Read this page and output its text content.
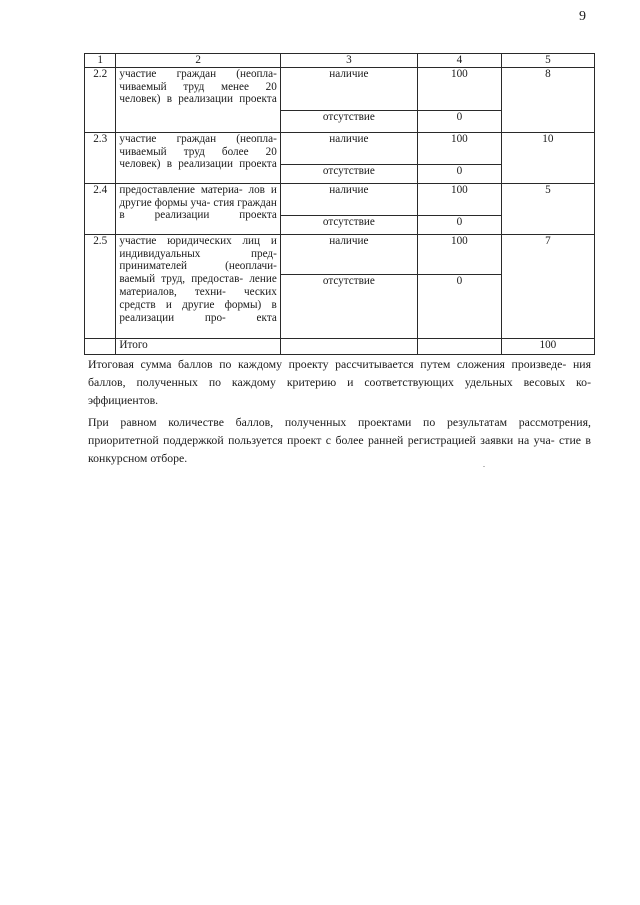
9
1	2	3	4	5
2.2	участие граждан (неопла- чиваемый труд менее 20 человек) в реализации проекта	наличие	100	8
		отсутствие	0	
2.3	участие граждан (неопла- чиваемый труд более 20 человек) в реализации проекта	наличие	100	10
		отсутствие	0	
2.4	предоставление материа- лов и другие формы уча- стия граждан в реализации проекта	наличие	100	5
		отсутствие	0	
2.5	участие юридических лиц и индивидуальных пред- принимателей (неоплачи- ваемый труд, предостав- ление материалов, техни- ческих средств и другие формы) в реализации про- екта	наличие	100	7
		отсутствие	0	
	Итого			100

Итоговая сумма баллов по каждому проекту рассчитывается путем сложения произведе- ния баллов, полученных по каждому критерию и соответствующих удельных весовых ко- эффициентов.

При равном количестве баллов, полученных проектами по результатам рассмотрения, приоритетной поддержкой пользуется проект с более ранней регистрацией заявки на уча- стие в конкурсном отборе.
